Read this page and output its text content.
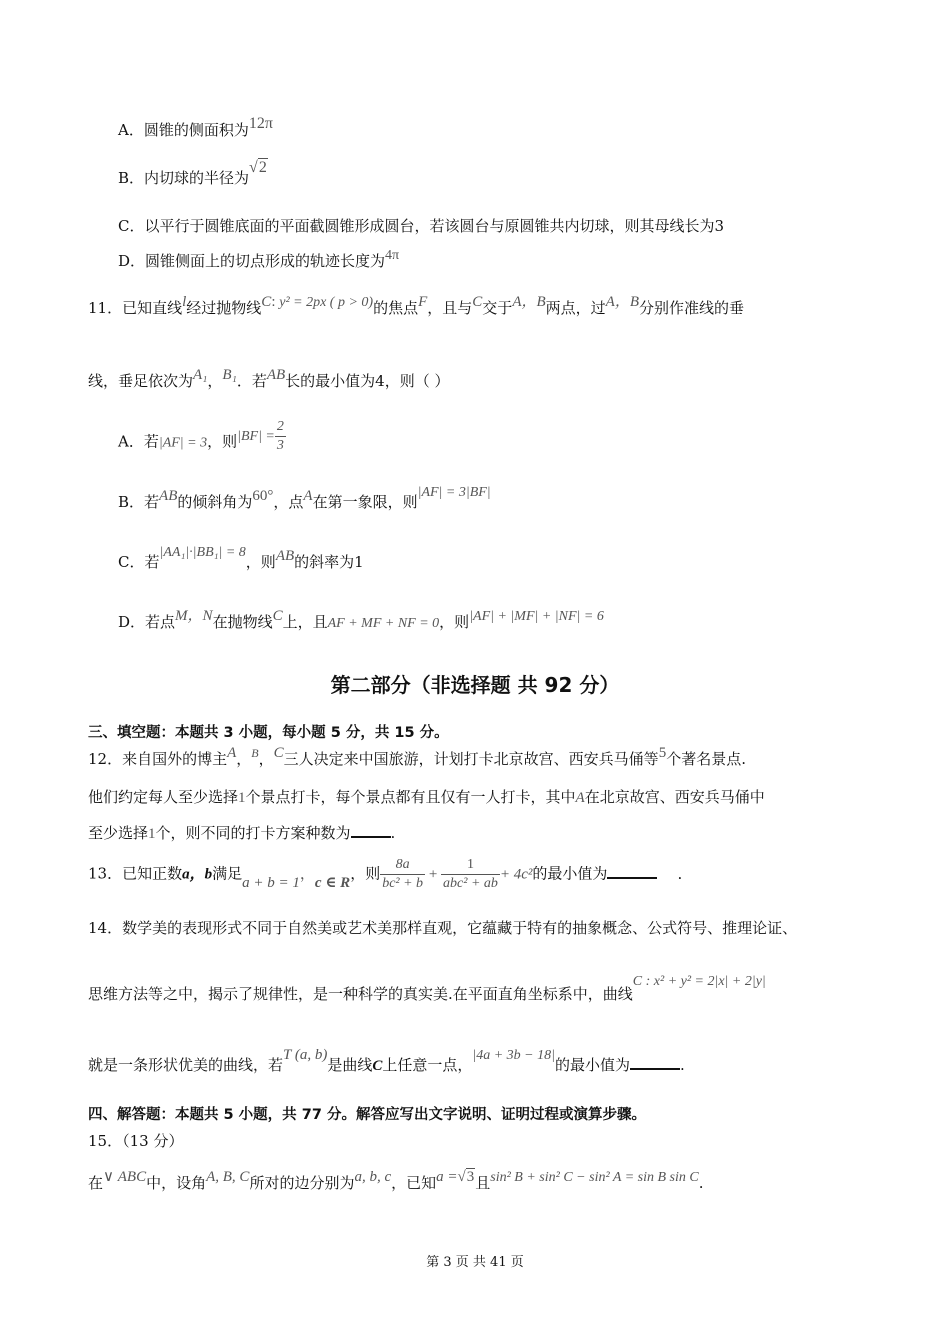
A．圆锥的侧面积为12π
B．内切球的半径为√2
C．以平行于圆锥底面的平面截圆锥形成圆台，若该圆台与原圆锥共内切球，则其母线长为3
D．圆锥侧面上的切点形成的轨迹长度为4π
11．已知直线l经过抛物线C: y² = 2px ( p > 0)的焦点F，且与C交于A，B两点，过A，B分别作准线的垂
线，垂足依次为A₁，B₁．若AB长的最小值为4，则（ ）
A．若|AF| = 3，则$|BF| = \frac{2}{3}$
B．若AB的倾斜角为60°，点A在第一象限，则|AF| = 3|BF|
C．若|AA₁|·|BB₁| = 8，则AB的斜率为1
D．若点M，N在抛物线C上，且AF + MF + NF = 0，则|AF| + |MF| + |NF| = 6
第二部分（非选择题 共 92 分）
三、填空题：本题共 3 小题，每小题 5 分，共 15 分。
12．来自国外的博主A，$^B$，C三人决定来中国旅游，计划打卡北京故宫、西安兵马俑等5个著名景点.
他们约定每人至少选择1个景点打卡，每个景点都有且仅有一人打卡，其中A在北京故宫、西安兵马俑中
至少选择1个，则不同的打卡方案种数为	.
13．已知正数a，b满足a + b = 1，c ∈ R，则 $\frac{8a}{\text{bc² + b}} + \frac{1}{\text{abc² + ab}} + 4c^2$的最小值为	.
14．数学美的表现形式不同于自然美或艺术美那样直观，它蕴藏于特有的抽象概念、公式符号、推理论证、
思维方法等之中，揭示了规律性，是一种科学的真实美.在平面直角坐标系中，曲线C : x² + y² = 2|x| + 2|y|
就是一条形状优美的曲线，若T (a, b)是曲线C上任意一点，|4a + 3b − 18|的最小值为	.
四、解答题：本题共 5 小题，共 77 分。解答应写出文字说明、证明过程或演算步骤。
15．（13 分）
在∨ ABC中，设角A, B, C所对的边分别为a, b, c，已知a =√3且sin² B + sin² C − sin² A = sin B sin C.
第 3 页 共 41 页
